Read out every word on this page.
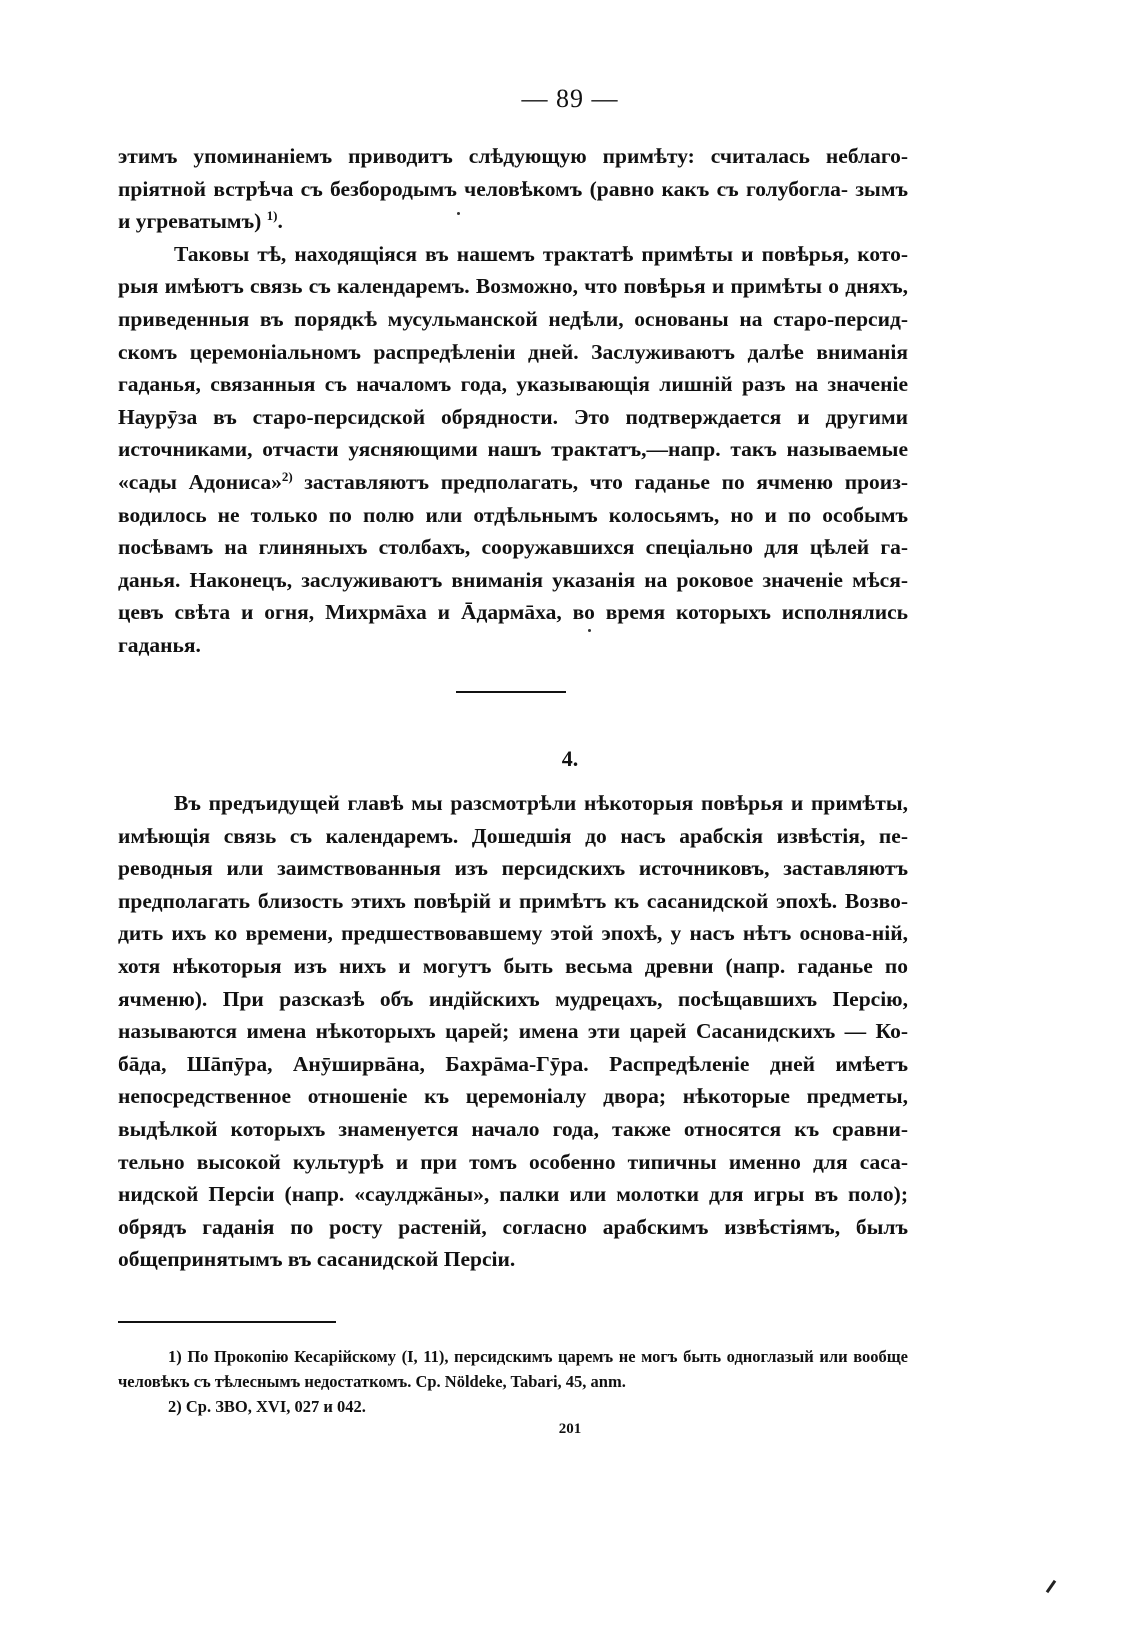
— 89 —

этимъ упоминаніемъ приводитъ слѣдующую примѣту: считалась неблаго- пріятной встрѣча съ безбородымъ человѣкомъ (равно какъ съ голубогла- зымъ и угреватымъ) $^{1)}$.

Таковы тѣ, находящіяся въ нашемъ трактатѣ примѣты и повѣрья, кото-рыя имѣютъ связь съ календаремъ. Возможно, что повѣрья и примѣты о дняхъ, приведенныя въ порядкѣ мусульманской недѣли, основаны на старо-персид-скомъ церемоніальномъ распредѣленіи дней. Заслуживаютъ далѣе вниманія гаданья, связанныя съ началомъ года, указывающія лишній разъ на значеніе Наурӯза въ старо-персидской обрядности. Это подтверждается и другими источниками, отчасти уясняющими нашъ трактатъ,—напр. такъ называемые «сады Адониса»$^{2)}$ заставляютъ предполагать, что гаданье по ячменю произ-водилось не только по полю или отдѣльнымъ колосьямъ, но и по особымъ посѣвамъ на глиняныхъ столбахъ, сооружавшихся спеціально для цѣлей га-данья. Наконецъ, заслуживаютъ вниманія указанія на роковое значеніе мѣся-цевъ свѣта и огня, Михрмāха и Āдармāха, во время которыхъ исполнялись гаданья.

4.

Въ предъидущей главѣ мы разсмотрѣли нѣкоторыя повѣрья и примѣты, имѣющія связь съ календаремъ. Дошедшія до насъ арабскія извѣстія, пе-реводныя или заимствованныя изъ персидскихъ источниковъ, заставляютъ предполагать близость этихъ повѣрій и примѣтъ къ сасанидской эпохѣ. Возво-дить ихъ ко времени, предшествовавшему этой эпохѣ, у насъ нѣтъ основа-ній, хотя нѣкоторыя изъ нихъ и могутъ быть весьма древни (напр. гаданье по ячменю). При разсказѣ объ индійскихъ мудрецахъ, посѣщавшихъ Персію, называются имена нѣкоторыхъ царей; имена эти царей Сасанидскихъ — Ко-бāда, Шāпӯра, Анӯширвāна, Бахрāма-Гӯра. Распредѣленіе дней имѣетъ непосредственное отношеніе къ церемоніалу двора; нѣкоторые предметы, выдѣлкой которыхъ знаменуется начало года, также относятся къ сравни-тельно высокой культурѣ и при томъ особенно типичны именно для саса-нидской Персіи (напр. «саулджāны», палки или молотки для игры въ поло); обрядъ гаданія по росту растеній, согласно арабскимъ извѣстіямъ, былъ общепринятымъ въ сасанидской Персіи.

1) По Прокопію Кесарійскому (I, 11), персидскимъ царемъ не могъ быть одноглазый или вообще человѣкъ съ тѣлеснымъ недостаткомъ. Ср. Nöldeke, Tabari, 45, anm.

2) Ср. ЗВО, XVI, 027 и 042.

201
